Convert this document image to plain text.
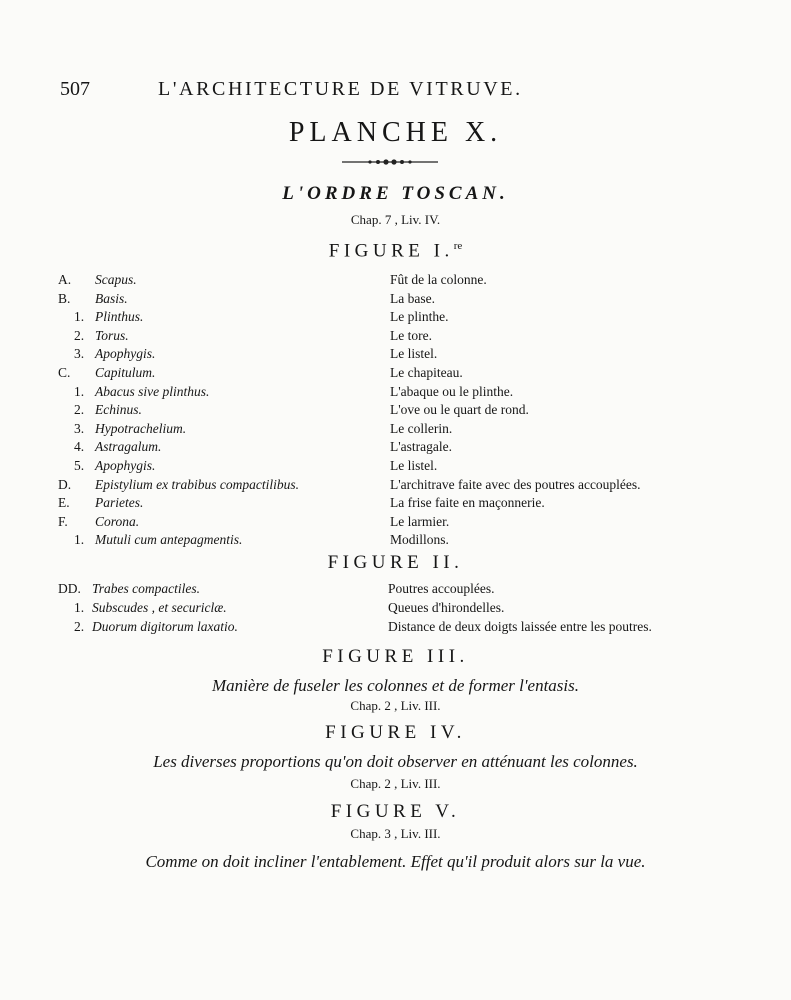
507	L'ARCHITECTURE DE VITRUVE.
PLANCHE X.
L'ORDRE TOSCAN.
Chap. 7 , Liv. IV.
FIGURE I.$^{re}$
A. Scapus.	Fût de la colonne.
B. Basis.	La base.
1. Plinthus.	Le plinthe.
2. Torus.	Le tore.
3. Apophygis.	Le listel.
C. Capitulum.	Le chapiteau.
1. Abacus sive plinthus.	L'abaque ou le plinthe.
2. Echinus.	L'ove ou le quart de rond.
3. Hypotrachelium.	Le collerin.
4. Astragalum.	L'astragale.
5. Apophygis.	Le listel.
D. Epistylium ex trabibus compactilibus.	L'architrave faite avec des poutres accouplées.
E. Parietes.	La frise faite en maçonnerie.
F. Corona.	Le larmier.
1. Mutuli cum antepagmentis.	Modillons.
FIGURE II.
DD. Trabes compactiles.	Poutres accouplées.
1. Subscudes , et securiclæ.	Queues d'hirondelles.
2. Duorum digitorum laxatio.	Distance de deux doigts laissée entre les poutres.
FIGURE III.
Manière de fuseler les colonnes et de former l'entasis.
Chap. 2 , Liv. III.
FIGURE IV.
Les diverses proportions qu'on doit observer en atténuant les colonnes.
Chap. 2 , Liv. III.
FIGURE V.
Chap. 3 , Liv. III.
Comme on doit incliner l'entablement. Effet qu'il produit alors sur la vue.
